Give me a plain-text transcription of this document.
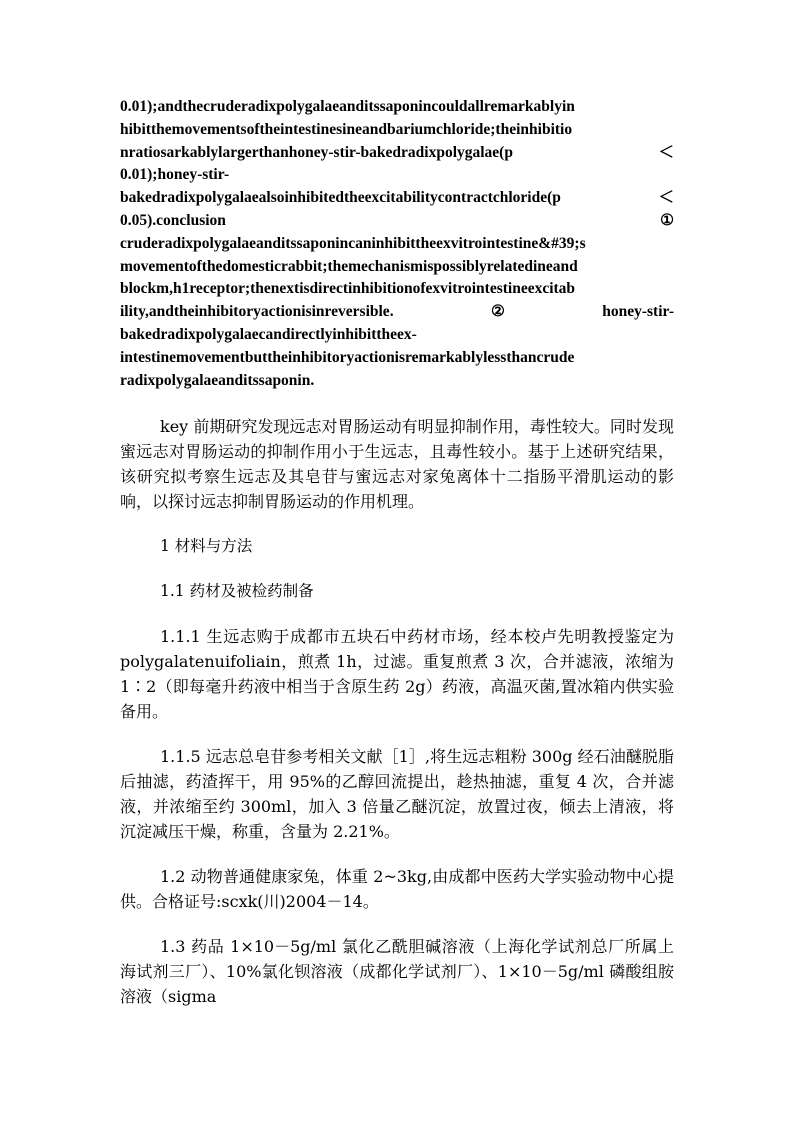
0.01);andthecruderadixpolygalaeanditssaponincouldallremarkablyin
hibitthemovementsoftheintestinesineandbariumchloride;theinhibitio
nratiosarkablylargerthanhoney-stir-bakedradixpolygalae(p	＜
0.01);honey-stir-
bakedradixpolygalaealsoinhibitedtheexcitabilitycontractchloride(p	＜
0.05).conclusion	①
cruderadixpolygalaeanditssaponincaninhibittheexvitrointestine&#39;s
movementofthedomesticrabbit;themechanismispossiblyrelatedineand
blockm,h1receptor;thenextisdirectinhibitionofexvitrointestineexcitab
ility,andtheinhibitoryactionisinreversible.	②	honey-stir-
bakedradixpolygalaecandirectlyinhibittheex-
intestinemovementbuttheinhibitoryactionisremarkablylessthancrude
radixpolygalaeanditssaponin.

key 前期研究发现远志对胃肠运动有明显抑制作用，毒性较大。同时发现蜜远志对胃肠运动的抑制作用小于生远志，且毒性较小。基于上述研究结果，该研究拟考察生远志及其皂苷与蜜远志对家兔离体十二指肠平滑肌运动的影响，以探讨远志抑制胃肠运动的作用机理。

1 材料与方法

1.1 药材及被检药制备

1.1.1 生远志购于成都市五块石中药材市场，经本校卢先明教授鉴定为 polygalatenuifoliain，煎煮 1h，过滤。重复煎煮 3 次，合并滤液，浓缩为 1∶2（即每毫升药液中相当于含原生药 2g）药液，高温灭菌,置冰箱内供实验备用。

1.1.5 远志总皂苷参考相关文献［1］,将生远志粗粉 300g 经石油醚脱脂后抽滤，药渣挥干，用 95%的乙醇回流提出，趁热抽滤，重复 4 次，合并滤液，并浓缩至约 300ml，加入 3 倍量乙醚沉淀，放置过夜，倾去上清液，将沉淀减压干燥，称重，含量为 2.21%。

1.2 动物普通健康家兔，体重 2~3kg,由成都中医药大学实验动物中心提供。合格证号:scxk(川)2004－14。

1.3 药品 1×10－5g/ml 氯化乙酰胆碱溶液（上海化学试剂总厂所属上海试剂三厂）、10%氯化钡溶液（成都化学试剂厂）、1×10－5g/ml 磷酸组胺溶液（sigma
